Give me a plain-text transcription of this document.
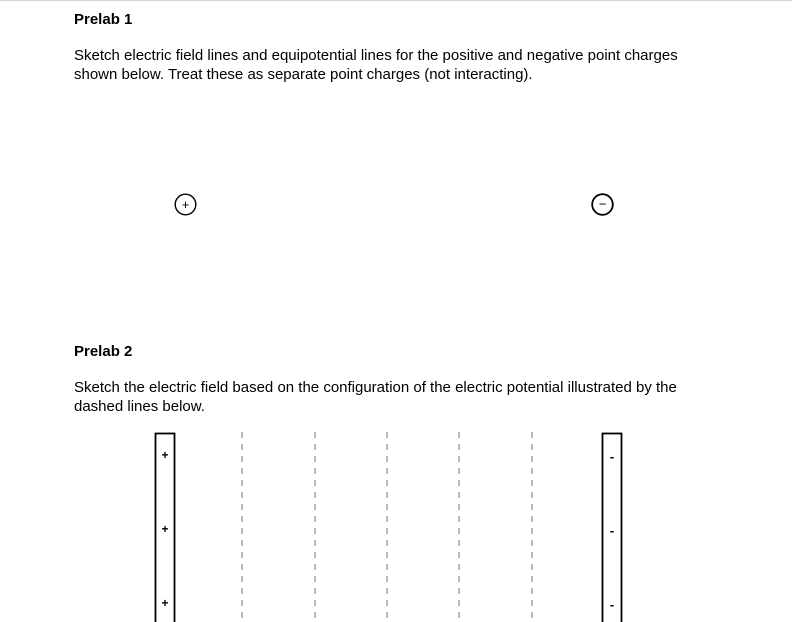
Prelab 1

Sketch electric field lines and equipotential lines for the positive and negative point charges shown below. Treat these as separate point charges (not interacting).

+	−
Prelab 2

Sketch the electric field based on the configuration of the electric potential illustrated by the dashed lines below.

+
+
+
-
-
-
